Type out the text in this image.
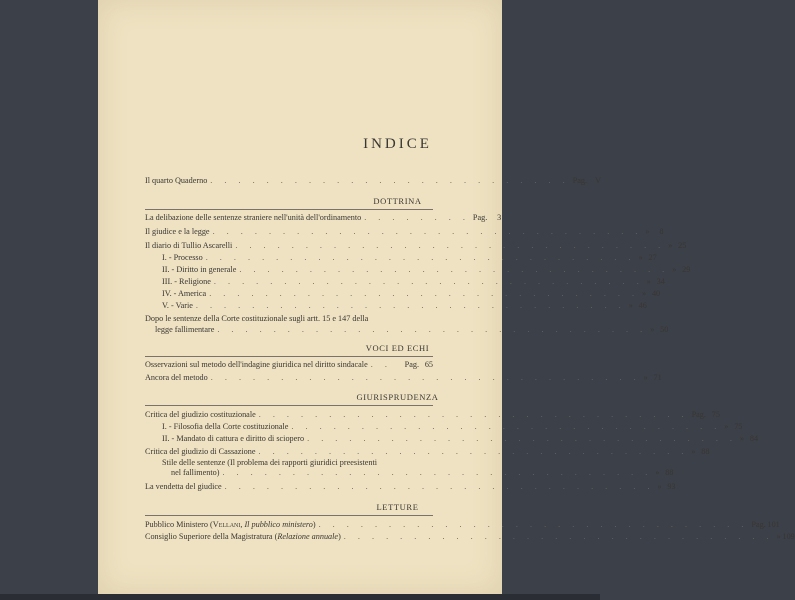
INDICE
Il quarto Quaderno . . . . . . . . . . . . . . . . . . . . . . . . . . Pag. V
DOTTRINA
La delibazione delle sentenze straniere nell'unità dell'ordinamento . . . . . . . . Pag.	3
Il giudice e la legge . . . . . . . . . . . . . . . . . . . . . . . . . . . . . . . »	8
Il diario di Tullio Ascarelli . . . . . . . . . . . . . . . . . . . . . . . . . . . . . . . » 25
I. - Processo . . . . . . . . . . . . . . . . . . . . . . . . . . . . . . . » 27
II. - Diritto in generale . . . . . . . . . . . . . . . . . . . . . . . . . . . . . . . » 29
III. - Religione . . . . . . . . . . . . . . . . . . . . . . . . . . . . . . . » 34
IV. - America . . . . . . . . . . . . . . . . . . . . . . . . . . . . . . . » 40
V. - Varie . . . . . . . . . . . . . . . . . . . . . . . . . . . . . . . » 46
Dopo le sentenze della Corte costituzionale sugli artt. 15 e 147 della
legge fallimentare . . . . . . . . . . . . . . . . . . . . . . . . . . . . . . . » 50
VOCI ED ECHI
Osservazioni sul metodo dell'indagine giuridica nel diritto sindacale . .	Pag. 65
Ancora del metodo . . . . . . . . . . . . . . . . . . . . . . . . . . . . . . . » 71
GIURISPRUDENZA
Critica del giudizio costituzionale . . . . . . . . . . . . . . . . . . . . . . . . . . . . . . . Pag. 75
I. - Filosofia della Corte costituzionale . . . . . . . . . . . . . . . . . . . . . . . . . . . . . . . » 75
II. - Mandato di cattura e diritto di sciopero . . . . . . . . . . . . . . . . . . . . . . . . . . . . . . . » 84
Critica del giudizio di Cassazione . . . . . . . . . . . . . . . . . . . . . . . . . . . . . . . » 88
Stile delle sentenze (Il problema dei rapporti giuridici preesistenti
nel fallimento) . . . . . . . . . . . . . . . . . . . . . . . . . . . . . . . » 88
La vendetta del giudice . . . . . . . . . . . . . . . . . . . . . . . . . . . . . . . » 93
LETTURE
Pubblico Ministero (Vellani, Il pubblico ministero) . . . . . . . . . . . . . . . . . . . . . . . . . . . . . . . Pag. 101
Consiglio Superiore della Magistratura (Relazione annuale) . . . . . . . . . . . . . . . . . . . . . . . . . . . . . . . » 109
